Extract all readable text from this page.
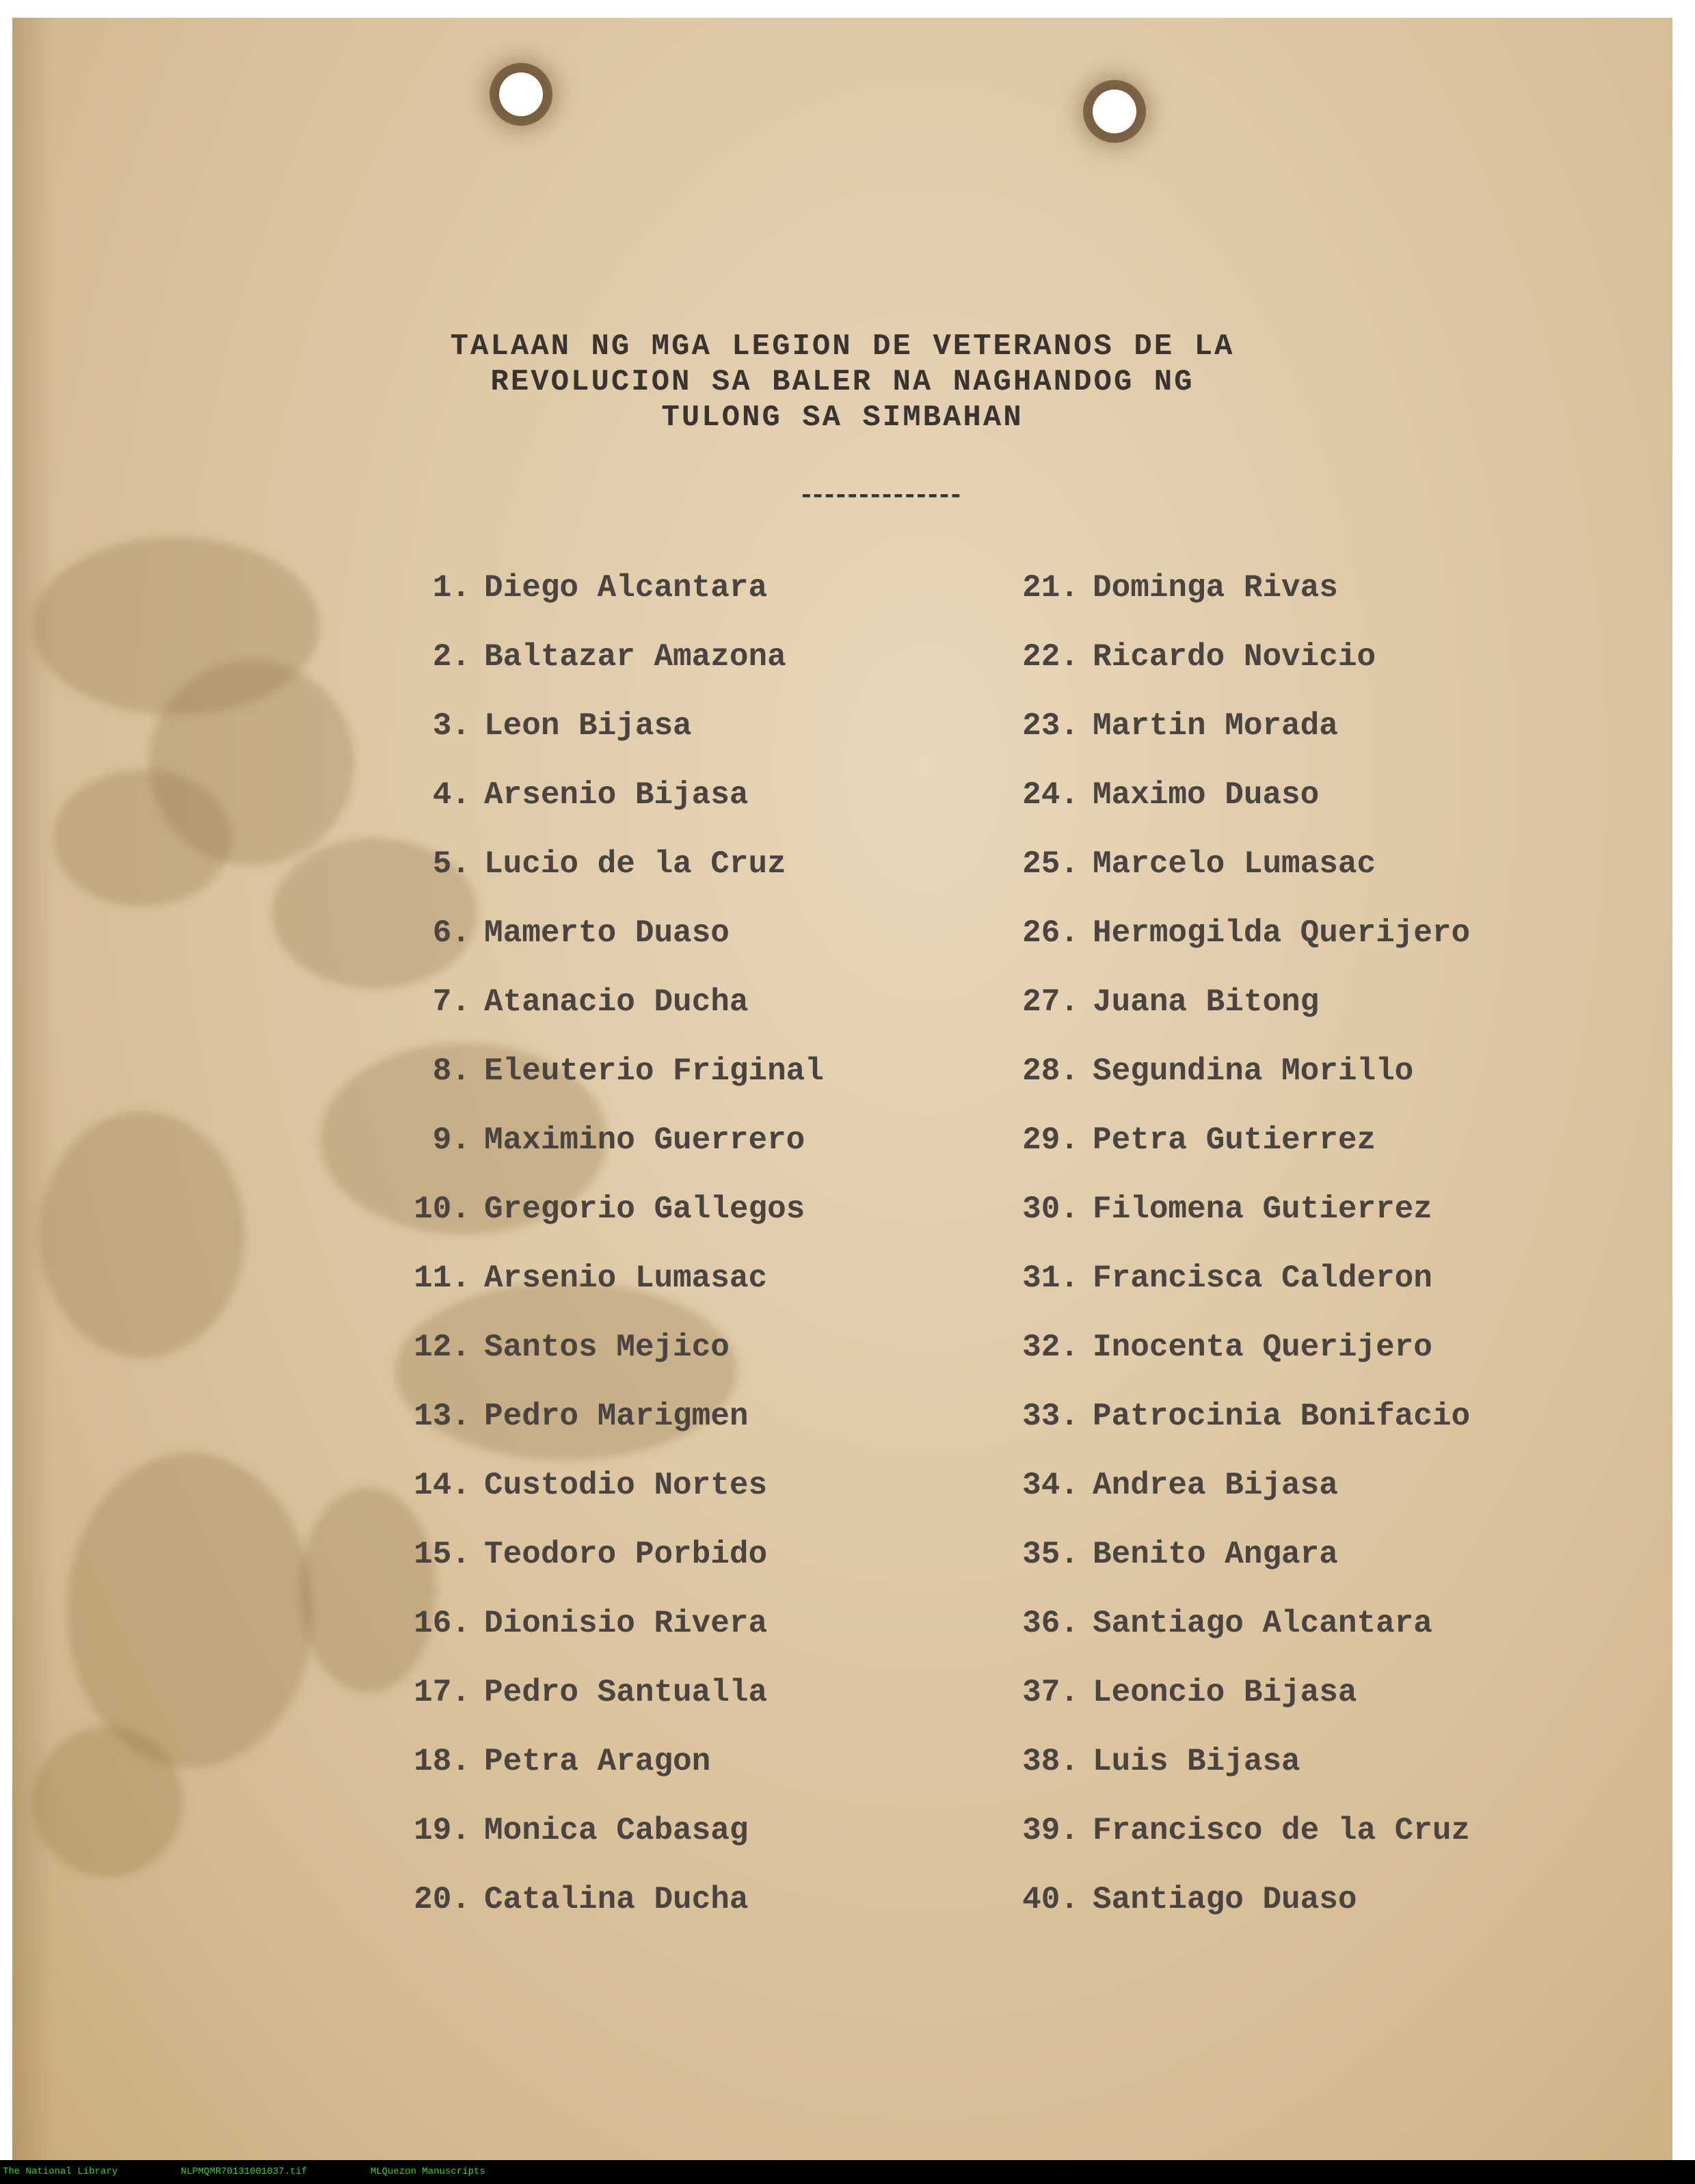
TALAAN NG MGA LEGION DE VETERANOS DE LA
REVOLUCION SA BALER NA NAGHANDOG NG
TULONG SA SIMBAHAN
--------------
1. Diego Alcantara
2. Baltazar Amazona
3. Leon Bijasa
4. Arsenio Bijasa
5. Lucio de la Cruz
6. Mamerto Duaso
7. Atanacio Ducha
8. Eleuterio Friginal
9. Maximino Guerrero
10. Gregorio Gallegos
11. Arsenio Lumasac
12. Santos Mejico
13. Pedro Marigmen
14. Custodio Nortes
15. Teodoro Porbido
16. Dionisio Rivera
17. Pedro Santualla
18. Petra Aragon
19. Monica Cabasag
20. Catalina Ducha
21. Dominga Rivas
22. Ricardo Novicio
23. Martin Morada
24. Maximo Duaso
25. Marcelo Lumasac
26. Hermogilda Querijero
27. Juana Bitong
28. Segundina Morillo
29. Petra Gutierrez
30. Filomena Gutierrez
31. Francisca Calderon
32. Inocenta Querijero
33. Patrocinia Bonifacio
34. Andrea Bijasa
35. Benito Angara
36. Santiago Alcantara
37. Leoncio Bijasa
38. Luis Bijasa
39. Francisco de la Cruz
40. Santiago Duaso
The National Library	NLPMQMR70131001037.tif	MLQuezon Manuscripts
